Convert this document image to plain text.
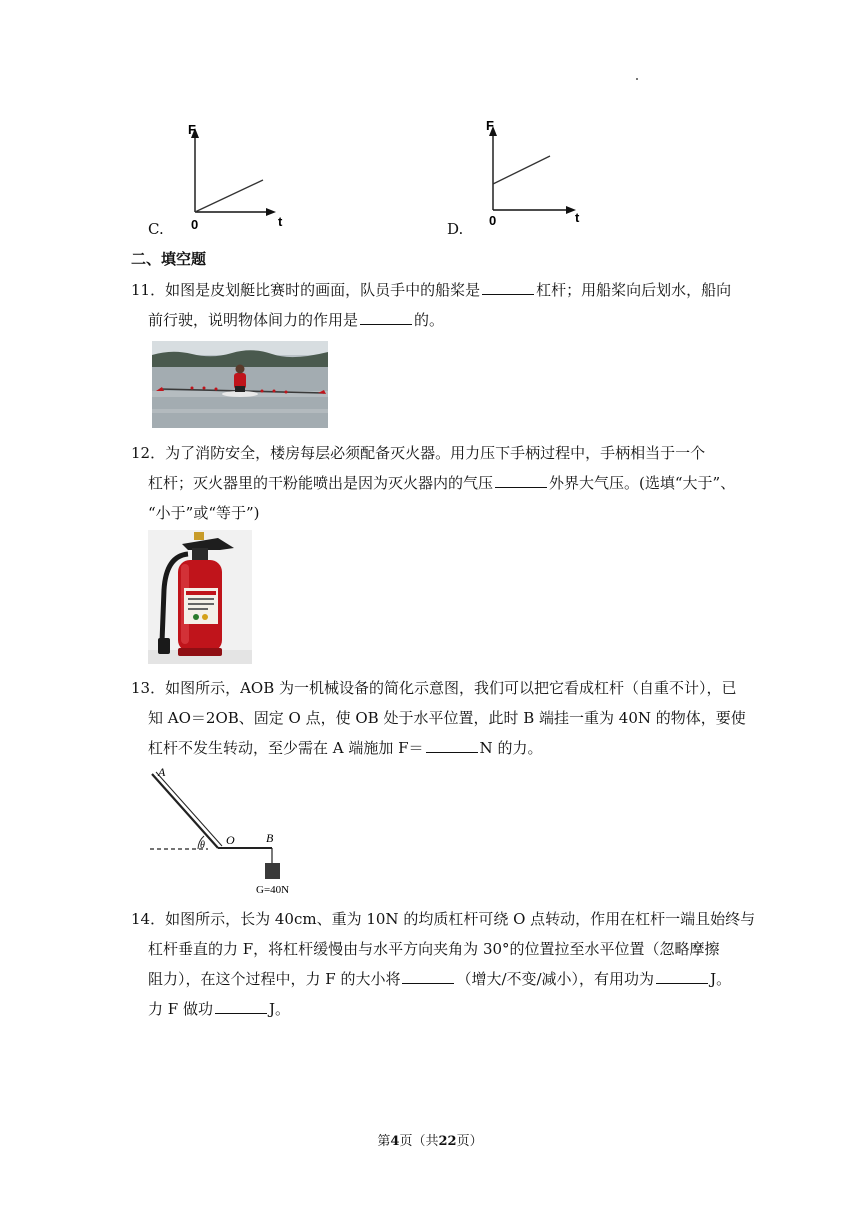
F
t
0
C.
F
t
0
D.
二、填空题
11．如图是皮划艇比赛时的画面，队员手中的船桨是	杠杆；用船桨向后划水，船向
前行驶，说明物体间力的作用是	的。
12．为了消防安全，楼房每层必须配备灭火器。用力压下手柄过程中，手柄相当于一个
杠杆；灭火器里的干粉能喷出是因为灭火器内的气压	外界大气压。(选填“大于”、
“小于”或“等于”)
13．如图所示，AOB 为一机械设备的简化示意图，我们可以把它看成杠杆（自重不计），已
知 AO＝2OB、固定 O 点，使 OB 处于水平位置，此时 B 端挂一重为 40N 的物体，要使
杠杆不发生转动，至少需在 A 端施加 F＝	N 的力。
A
O	B
θ
G=40N
14．如图所示，长为 40cm、重为 10N 的均质杠杆可绕 O 点转动，作用在杠杆一端且始终与
杠杆垂直的力 F，将杠杆缓慢由与水平方向夹角为 30°的位置拉至水平位置（忽略摩擦
阻力），在这个过程中，力 F 的大小将	（增大/不变/减小），有用功为	J。
力 F 做功	J。
第4页（共22页）
